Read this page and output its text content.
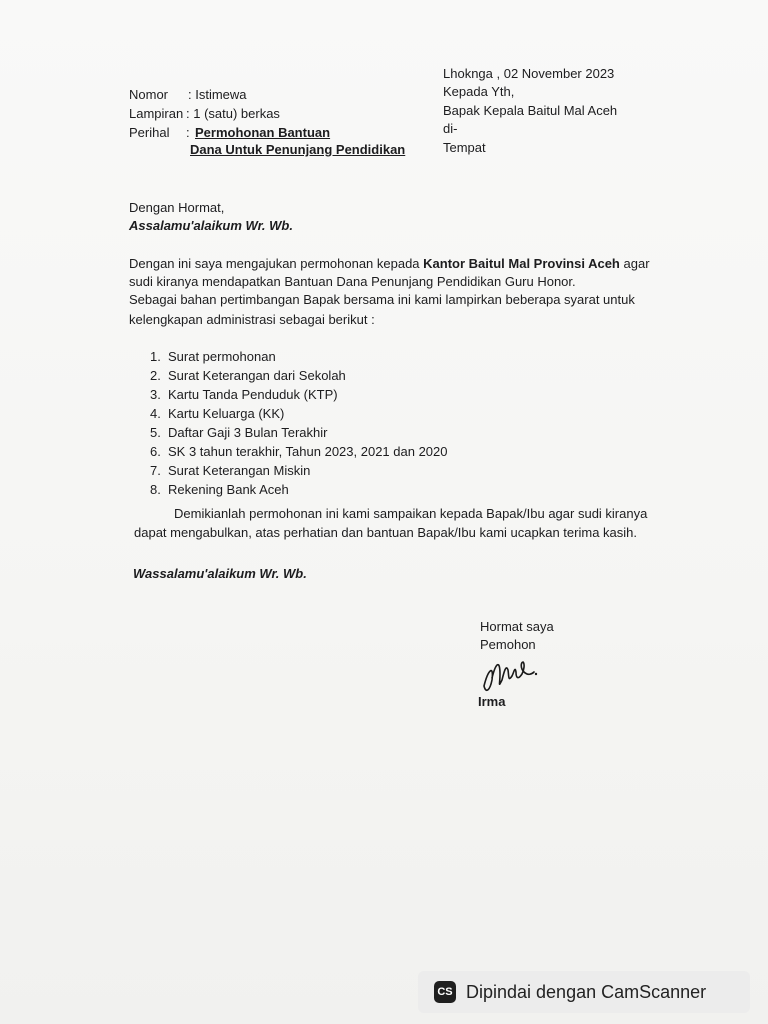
Nomor : Istimewa
Lampiran : 1 (satu) berkas
Perihal : Permohonan Bantuan
Dana Untuk Penunjang Pendidikan
Lhoknga , 02 November 2023
Kepada Yth,
Bapak Kepala Baitul Mal Aceh
di-
Tempat
Dengan Hormat,
Assalamu'alaikum Wr. Wb.
Dengan ini saya mengajukan permohonan kepada Kantor Baitul Mal Provinsi Aceh agar
sudi kiranya mendapatkan Bantuan Dana Penunjang Pendidikan Guru Honor.
Sebagai bahan pertimbangan Bapak bersama ini kami lampirkan beberapa syarat untuk
kelengkapan administrasi sebagai berikut :
1. Surat permohonan
2. Surat Keterangan dari Sekolah
3. Kartu Tanda Penduduk (KTP)
4. Kartu Keluarga (KK)
5. Daftar Gaji 3 Bulan Terakhir
6. SK 3 tahun terakhir, Tahun 2023, 2021 dan 2020
7. Surat Keterangan Miskin
8. Rekening Bank Aceh
Demikianlah permohonan ini kami sampaikan kepada Bapak/Ibu agar sudi kiranya
dapat mengabulkan, atas perhatian dan bantuan Bapak/Ibu kami ucapkan terima kasih.
Wassalamu'alaikum Wr. Wb.
Hormat saya
Pemohon
Irma
CS Dipindai dengan CamScanner
